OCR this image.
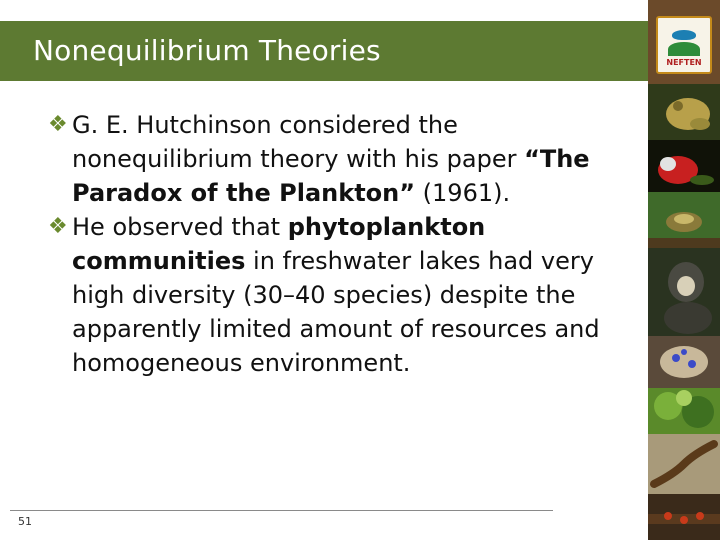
Nonequilibrium Theories	NEFTEN
❖ G. E. Hutchinson considered the nonequilibrium theory with his paper “The Paradox of the Plankton” (1961).
❖ He observed that phytoplankton communities in freshwater lakes had very high diversity (30–40 species) despite the apparently limited amount of resources and homogeneous environment.
51
